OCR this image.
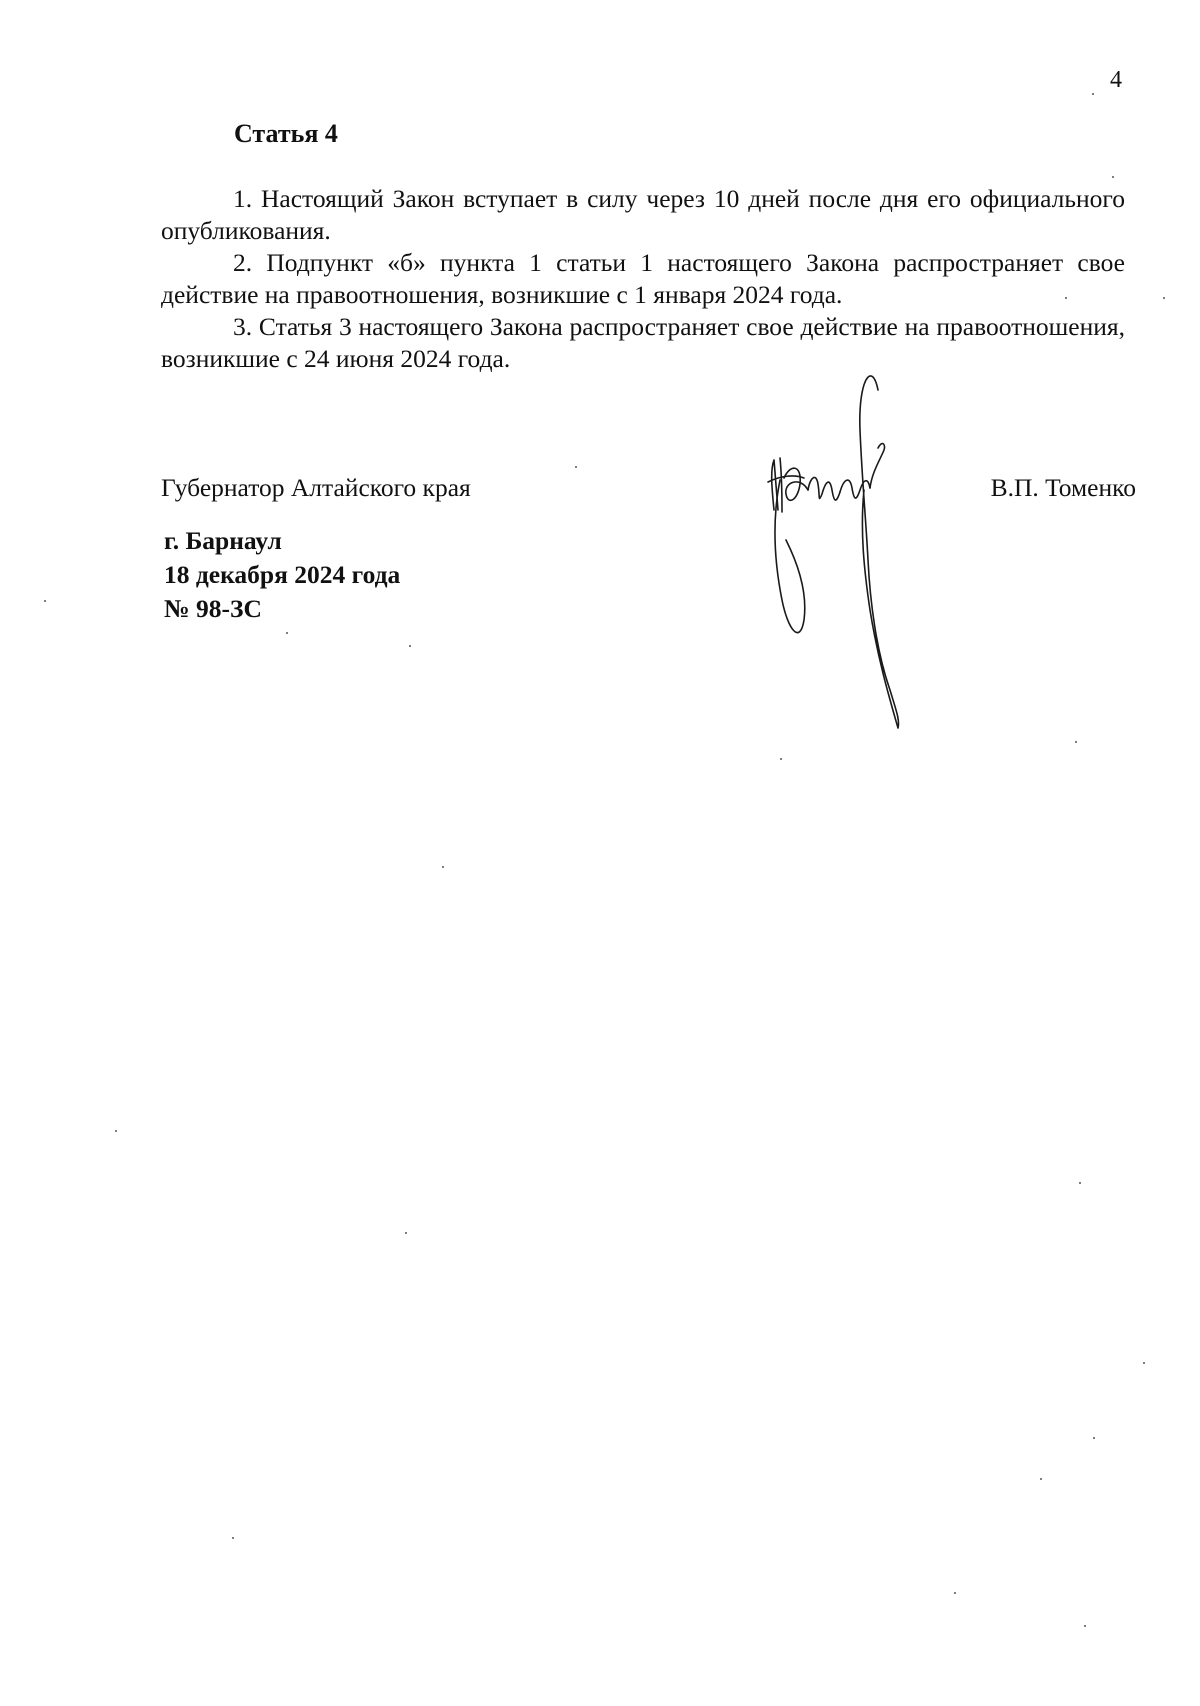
4
Статья 4

1. Настоящий Закон вступает в силу через 10 дней после дня его официального опубликования.

2. Подпункт «б» пункта 1 статьи 1 настоящего Закона распространяет свое действие на правоотношения, возникшие с 1 января 2024 года.

3. Статья 3 настоящего Закона распространяет свое действие на правоотношения, возникшие с 24 июня 2024 года.

Губернатор Алтайского края	В.П. Томенко
г. Барнаул
18 декабря 2024 года
№ 98-ЗС
